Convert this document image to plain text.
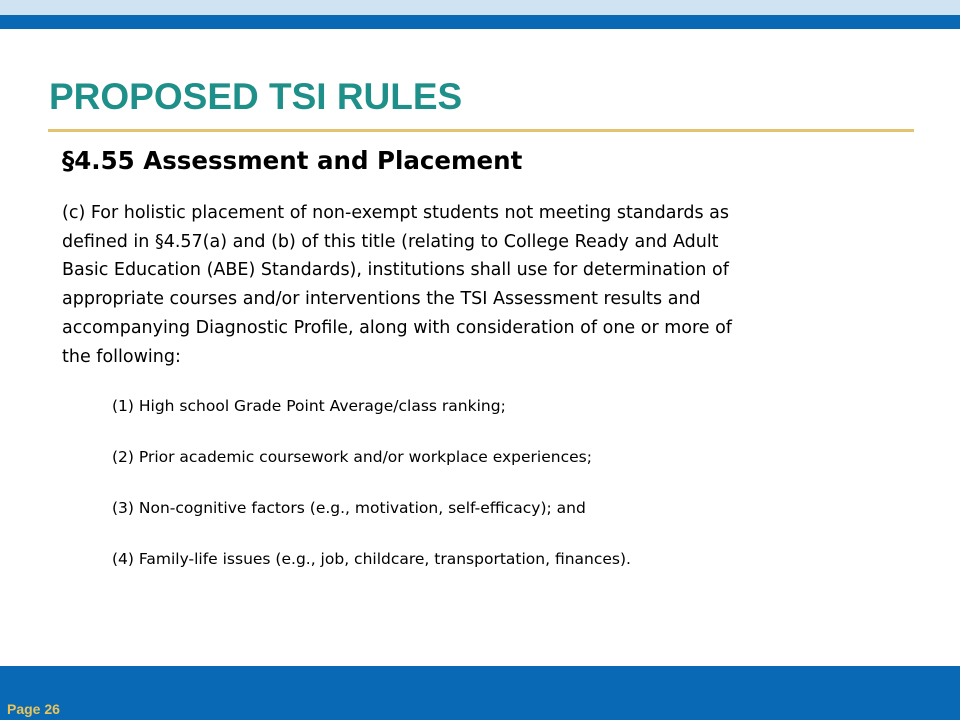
PROPOSED TSI RULES
§4.55 Assessment and Placement
(c) For holistic placement of non-exempt students not meeting standards as
defined in §4.57(a) and (b) of this title (relating to College Ready and Adult
Basic Education (ABE) Standards), institutions shall use for determination of
appropriate courses and/or interventions the TSI Assessment results and
accompanying Diagnostic Profile, along with consideration of one or more of
the following:
(1) High school Grade Point Average/class ranking;
(2) Prior academic coursework and/or workplace experiences;
(3) Non-cognitive factors (e.g., motivation, self-efficacy); and
(4) Family-life issues (e.g., job, childcare, transportation, finances).
Page 26
